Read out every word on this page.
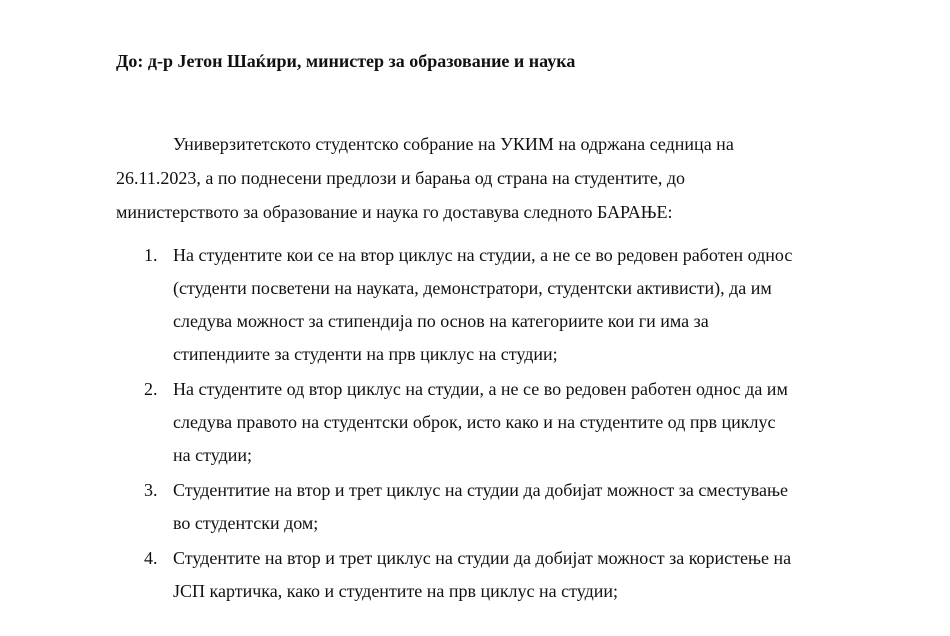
До: д-р Јетон Шаќири, министер за образование и наука
Универзитетското студентско собрание на УКИМ на одржана седница на
26.11.2023, а по поднесени предлози и барања од страна на студентите, до
министерството за образование и наука го доставува следното БАРАЊЕ:
1. На студентите кои се на втор циклус на студии, а не се во редовен работен однос
(студенти посветени на науката, демонстратори, студентски активисти), да им
следува можност за стипендија по основ на категориите кои ги има за
стипендиите за студенти на прв циклус на студии;
2. На студентите од втор циклус на студии, а не се во редовен работен однос да им
следува правото на студентски оброк, исто како и на студентите од прв циклус
на студии;
3. Студентитие на втор и трет циклус на студии да добијат можност за сместување
во студентски дом;
4. Студентите на втор и трет циклус на студии да добијат можност за користење на
ЈСП картичка, како и студентите на прв циклус на студии;
